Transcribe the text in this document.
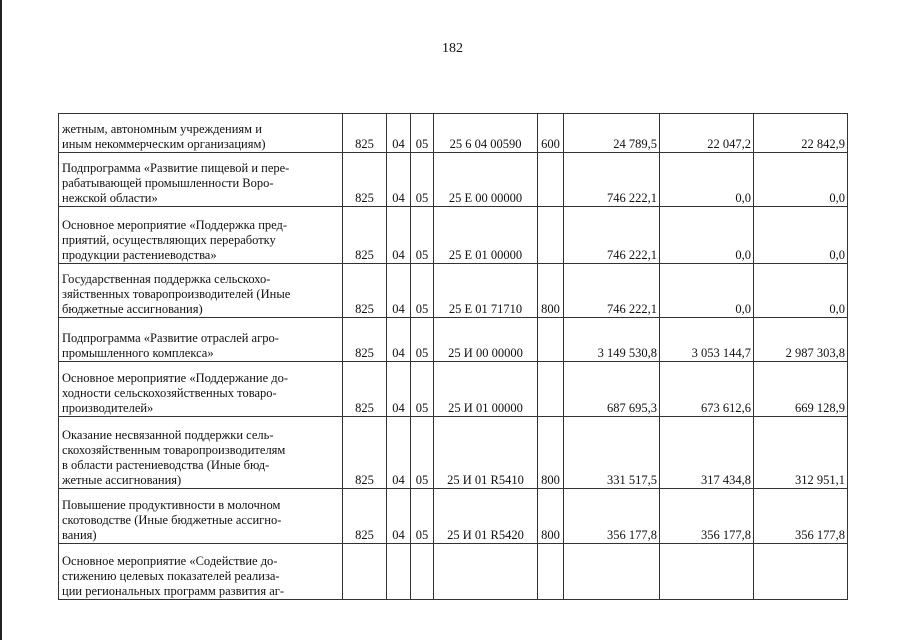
182
жетным, автономным учреждениям и
иным некоммерческим организациям)	825	04	05	25 6 04 00590	600	24 789,5	22 047,2	22 842,9

Подпрограмма «Развитие пищевой и пере-
рабатывающей промышленности Воро-
нежской области»	825	04	05	25 Е 00 00000		746 222,1	0,0	0,0

Основное мероприятие «Поддержка пред-
приятий, осуществляющих переработку
продукции растениеводства»	825	04	05	25 Е 01 00000		746 222,1	0,0	0,0

Государственная поддержка сельскохо-
зяйственных товаропроизводителей (Иные
бюджетные ассигнования)	825	04	05	25 Е 01 71710	800	746 222,1	0,0	0,0

Подпрограмма «Развитие отраслей агро-
промышленного комплекса»	825	04	05	25 И 00 00000		3 149 530,8	3 053 144,7	2 987 303,8

Основное мероприятие «Поддержание до-
ходности сельскохозяйственных товаро-
производителей»	825	04	05	25 И 01 00000		687 695,3	673 612,6	669 128,9

Оказание несвязанной поддержки сель-
скохозяйственным товаропроизводителям
в области растениеводства (Иные бюд-
жетные ассигнования)	825	04	05	25 И 01 R5410	800	331 517,5	317 434,8	312 951,1

Повышение продуктивности в молочном
скотоводстве (Иные бюджетные ассигно-
вания)	825	04	05	25 И 01 R5420	800	356 177,8	356 177,8	356 177,8

Основное мероприятие «Содействие до-
стижению целевых показателей реализа-
ции региональных программ развития аг-								
